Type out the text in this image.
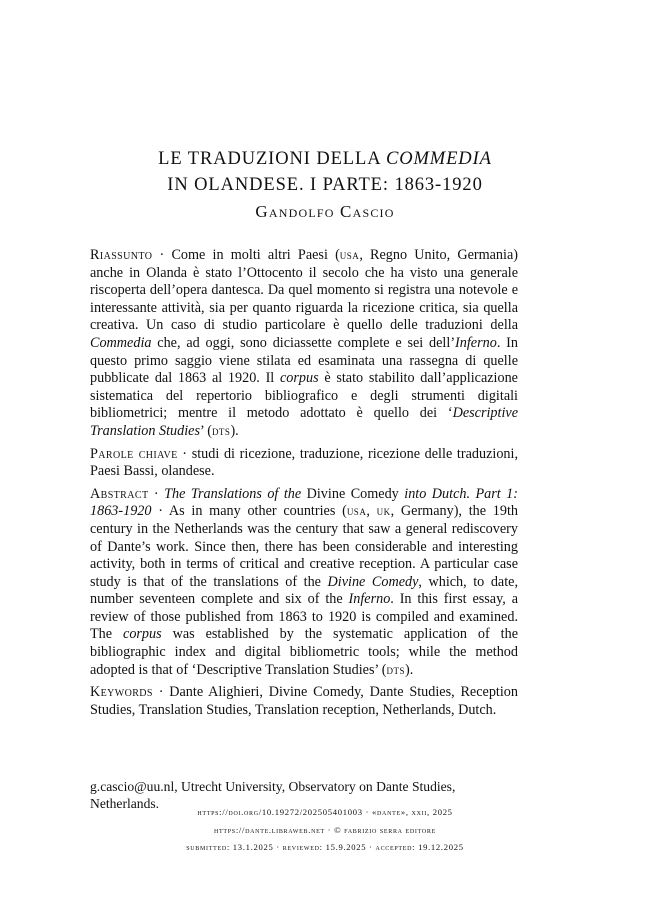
LE TRADUZIONI DELLA COMMEDIA
IN OLANDESE. I PARTE: 1863-1920
Gandolfo Cascio

Riassunto · Come in molti altri Paesi (usa, Regno Unito, Germania) anche in Olanda è stato l’Ottocento il secolo che ha visto una generale riscoperta dell’opera dantesca. Da quel momento si registra una notevole e interessante attività, sia per quanto riguarda la ricezione critica, sia quella creativa. Un caso di studio particolare è quello delle traduzioni della Commedia che, ad oggi, sono diciassette complete e sei dell’Inferno. In questo primo saggio viene stilata ed esaminata una rassegna di quelle pubblicate dal 1863 al 1920. Il corpus è stato stabilito dall’applicazione sistematica del repertorio bibliografico e degli strumenti digitali bibliometrici; mentre il metodo adottato è quello dei ‘Descriptive Translation Studies’ (dts).

Parole chiave · studi di ricezione, traduzione, ricezione delle traduzioni, Paesi Bassi, olandese.

Abstract · The Translations of the Divine Comedy into Dutch. Part 1: 1863-1920 · As in many other countries (usa, uk, Germany), the 19th century in the Netherlands was the century that saw a general rediscovery of Dante’s work. Since then, there has been considerable and interesting activity, both in terms of critical and creative reception. A particular case study is that of the translations of the Divine Comedy, which, to date, number seventeen complete and six of the Inferno. In this first essay, a review of those published from 1863 to 1920 is compiled and examined. The corpus was established by the systematic application of the bibliographic index and digital bibliometric tools; while the method adopted is that of ‘Descriptive Translation Studies’ (dts).

Keywords · Dante Alighieri, Divine Comedy, Dante Studies, Reception Studies, Translation Studies, Translation reception, Netherlands, Dutch.

g.cascio@uu.nl, Utrecht University, Observatory on Dante Studies, Netherlands.
https://doi.org/10.19272/202505401003 · «dante», xxii, 2025
https://dante.libraweb.net · © fabrizio serra editore
submitted: 13.1.2025 · reviewed: 15.9.2025 · accepted: 19.12.2025
